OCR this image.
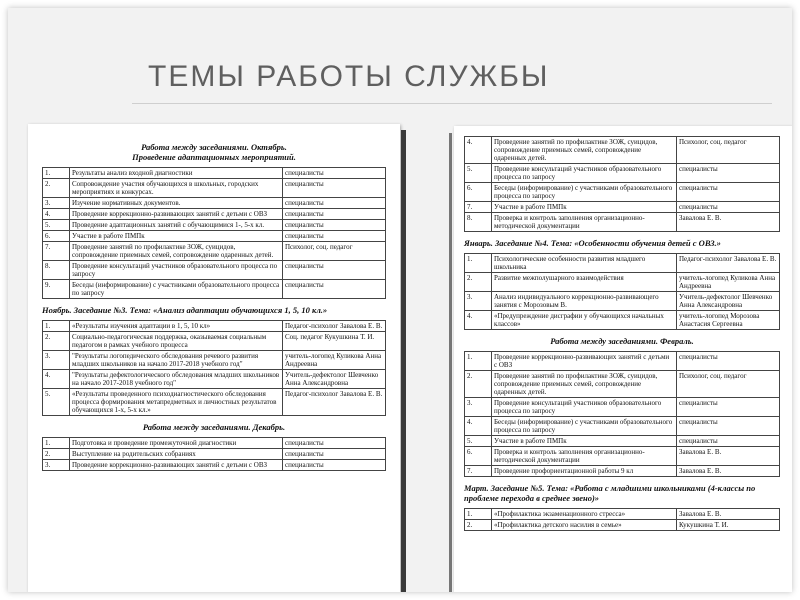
ТЕМЫ РАБОТЫ СЛУЖБЫ
Работа между заседаниями. Октябрь.
Проведение адаптационных мероприятий.
1.	Результаты анализ входной диагностики	специалисты
2.	Сопровождение участия обучающихся в школьных, городских мероприятиях и конкурсах.	специалисты
3.	Изучение нормативных документов.	специалисты
4.	Проведение коррекционно-развивающих занятий с детьми с ОВЗ	специалисты
5.	Проведение адаптационных занятий с обучающимися 1-, 5-х кл.	специалисты
6.	Участие в работе ПМПк	специалисты
7.	Проведение занятий по профилактике ЗОЖ, суицидов, сопровождение приемных семей, сопровождение одаренных детей.	Психолог, соц. педагог
8.	Проведение консультаций участников образовательного процесса по запросу	специалисты
9.	Беседы (информирование) с участниками образовательного процесса по запросу	специалисты
Ноябрь. Заседание №3. Тема: «Анализ адаптации обучающихся 1, 5, 10 кл.»
1.	«Результаты изучения адаптации в 1, 5, 10 кл»	Педагог-психолог Завалова Е. В.
2.	Социально-педагогическая поддержка, оказываемая социальным педагогом в рамках учебного процесса	Соц. педагог Кукушкина Т. И.
3.	"Результаты логопедического обследования речевого развития младших школьников на начало 2017-2018 учебного год"	учитель-логопед Куликова Анна Андреевна
4.	"Результаты дефектологического обследования младших школьников на начало 2017-2018 учебного год"	Учитель-дефектолог Шевченко Анна Александровна
5.	«Результаты проведенного психодиагностического обследования процесса формирования метапредметных и личностных результатов обучающихся 1-х, 5-х кл.»	Педагог-психолог Завалова Е. В.
Работа между заседаниями. Декабрь.
1.	Подготовка и проведение промежуточной диагностики	специалисты
2.	Выступление на родительских собраниях	специалисты
3.	Проведение коррекционно-развивающих занятий с детьми с ОВЗ	специалисты
4.	Проведение занятий по профилактике ЗОЖ, суицидов, сопровождение приемных семей, сопровождение одаренных детей.	Психолог, соц. педагог
5.	Проведение консультаций участников образовательного процесса по запросу	специалисты
6.	Беседы (информирование) с участниками образовательного процесса по запросу	специалисты
7.	Участие в работе ПМПк	специалисты
8.	Проверка и контроль заполнения организационно-методической документации	Завалова Е. В.
Январь. Заседание №4. Тема: «Особенности обучения детей с ОВЗ.»
1.	Психологические особенности развития младшего школьника	Педагог-психолог Завалова Е. В.
2.	Развитие межполушарного взаимодействия	учитель-логопед Куликова Анна Андреевна
3.	Анализ индивидуального коррекционно-развивающего занятия с Морозовым В.	Учитель-дефектолог Шевченко Анна Александровна
4.	«Предупреждение дисграфии у обучающихся начальных классов»	учитель-логопед Морозова Анастасия Сергеевна
Работа между заседаниями. Февраль.
1.	Проведение коррекционно-развивающих занятий с детьми с ОВЗ	специалисты
2.	Проведение занятий по профилактике ЗОЖ, суицидов, сопровождение приемных семей, сопровождение одаренных детей.	Психолог, соц. педагог
3.	Проведение консультаций участников образовательного процесса по запросу	специалисты
4.	Беседы (информирование) с участниками образовательного процесса по запросу	специалисты
5.	Участие в работе ПМПк	специалисты
6.	Проверка и контроль заполнения организационно-методической документации	Завалова Е. В.
7.	Проведение профориентационной работы 9 кл	Завалова Е. В.
Март. Заседание №5. Тема: «Работа с младшими школьниками (4-классы по проблеме перехода в среднее звено)»
1.	«Профилактика экзаменационного стресса»	Завалова Е. В.
2.	«Профилактика детского насилия в семье»	Кукушкина Т. И.
